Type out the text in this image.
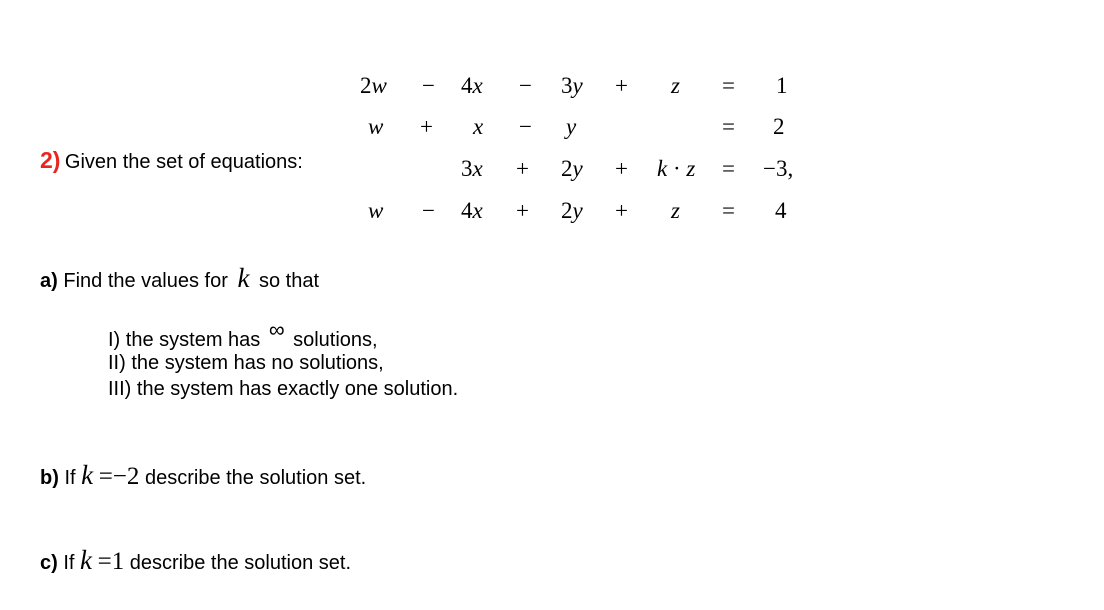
2) Given the set of equations:
2w − 4x − 3y + z = 1
w + x − y	= 2
3x + 2y + k · z = −3,
w − 4x + 2y + z = 4
a) Find the values for k so that
I) the system has ∞ solutions,
II) the system has no solutions,
III) the system has exactly one solution.
b) If k =−2 describe the solution set.
c) If k =1 describe the solution set.
